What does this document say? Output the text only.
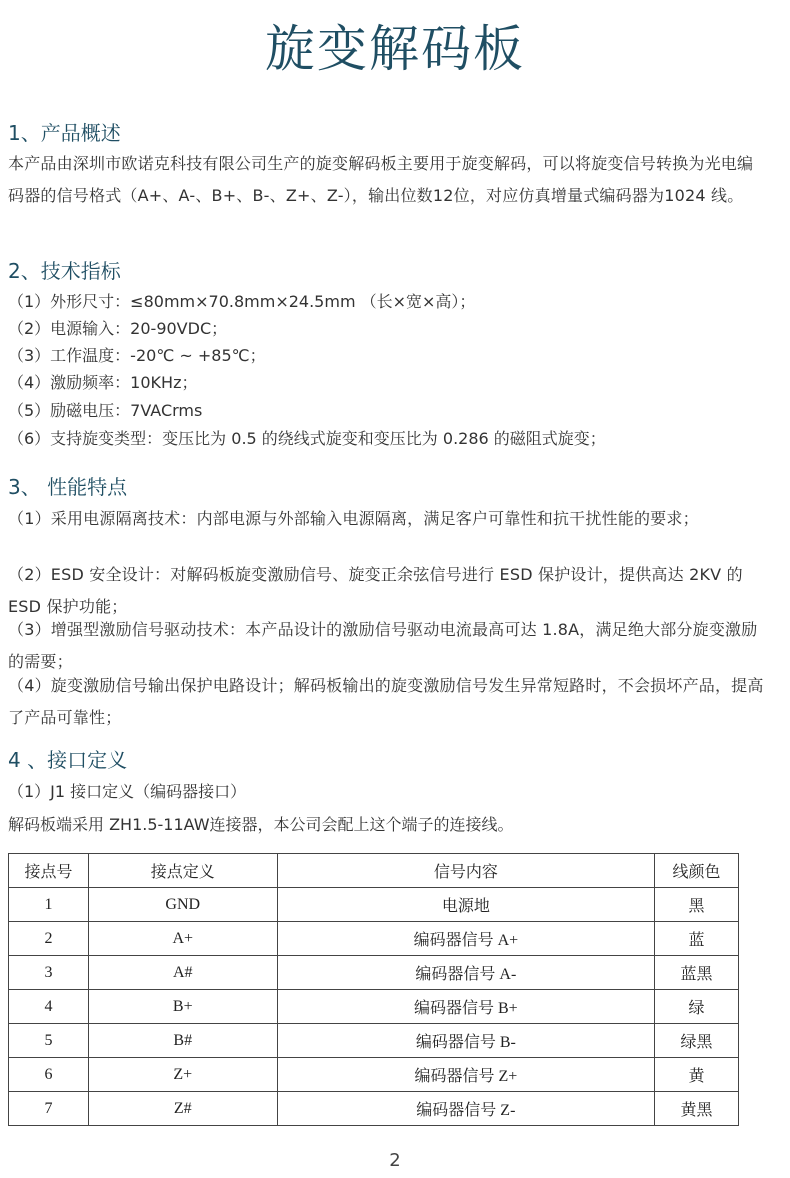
旋变解码板
1、产品概述
本产品由深圳市欧诺克科技有限公司生产的旋变解码板主要用于旋变解码，可以将旋变信号转换为光电编码器的信号格式（A+、A-、B+、B-、Z+、Z-），输出位数12位，对应仿真增量式编码器为1024 线。
2、技术指标
（1）外形尺寸：≤80mm×70.8mm×24.5mm （长×宽×高）；
（2）电源输入：20-90VDC；
（3）工作温度：-20℃ ~ +85℃；
（4）激励频率：10KHz；
（5）励磁电压：7VACrms
（6）支持旋变类型：变压比为 0.5 的绕线式旋变和变压比为 0.286 的磁阻式旋变；
3、 性能特点
（1）采用电源隔离技术：内部电源与外部输入电源隔离，满足客户可靠性和抗干扰性能的要求；
（2）ESD 安全设计：对解码板旋变激励信号、旋变正余弦信号进行 ESD 保护设计，提供高达 2KV 的 ESD 保护功能；
（3）增强型激励信号驱动技术：本产品设计的激励信号驱动电流最高可达 1.8A，满足绝大部分旋变激励的需要；
（4）旋变激励信号输出保护电路设计；解码板输出的旋变激励信号发生异常短路时，不会损坏产品，提高了产品可靠性；
4 、接口定义
（1）J1 接口定义（编码器接口）
解码板端采用 ZH1.5-11AW连接器，本公司会配上这个端子的连接线。
接点号	接点定义	信号内容	线颜色
1	GND	电源地	黑
2	A+	编码器信号 A+	蓝
3	A#	编码器信号 A-	蓝黑
4	B+	编码器信号 B+	绿
5	B#	编码器信号 B-	绿黑
6	Z+	编码器信号 Z+	黄
7	Z#	编码器信号 Z-	黄黑
2
